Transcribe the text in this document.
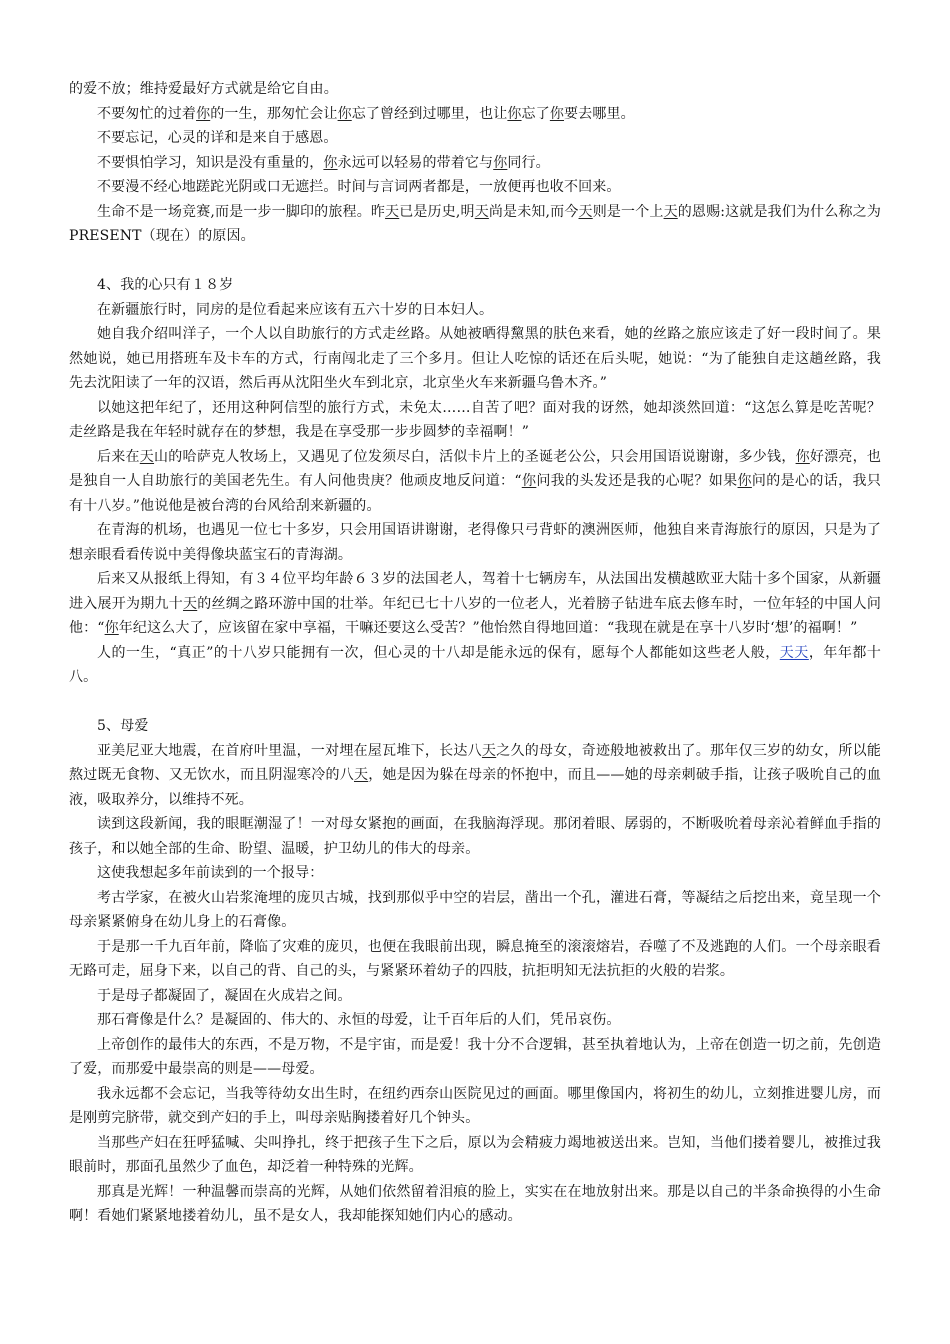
的爱不放；维持爱最好方式就是给它自由。

不要匆忙的过着你的一生，那匆忙会让你忘了曾经到过哪里，也让你忘了你要去哪里。

不要忘记，心灵的详和是来自于感恩。

不要惧怕学习，知识是没有重量的，你永远可以轻易的带着它与你同行。

不要漫不经心地蹉跎光阴或口无遮拦。时间与言词两者都是，一放便再也收不回来。

生命不是一场竞赛,而是一步一脚印的旅程。昨天已是历史,明天尚是未知,而今天则是一个上天的恩赐:这就是我们为什么称之为PRESENT（现在）的原因。

4、我的心只有１８岁

在新疆旅行时，同房的是位看起来应该有五六十岁的日本妇人。

她自我介绍叫洋子，一个人以自助旅行的方式走丝路。从她被晒得黧黑的肤色来看，她的丝路之旅应该走了好一段时间了。果然她说，她已用搭班车及卡车的方式，行南闯北走了三个多月。但让人吃惊的话还在后头呢，她说：“为了能独自走这趟丝路，我先去沈阳读了一年的汉语，然后再从沈阳坐火车到北京，北京坐火车来新疆乌鲁木齐。”

以她这把年纪了，还用这种阿信型的旅行方式，未免太……自苦了吧？面对我的讶然，她却淡然回道：“这怎么算是吃苦呢？走丝路是我在年轻时就存在的梦想，我是在享受那一步步圆梦的幸福啊！”

后来在天山的哈萨克人牧场上，又遇见了位发须尽白，活似卡片上的圣诞老公公，只会用国语说谢谢，多少钱，你好漂亮，也是独自一人自助旅行的美国老先生。有人问他贵庚？他顽皮地反问道：“你问我的头发还是我的心呢？如果你问的是心的话，我只有十八岁。”他说他是被台湾的台风给刮来新疆的。

在青海的机场，也遇见一位七十多岁，只会用国语讲谢谢，老得像只弓背虾的澳洲医师，他独自来青海旅行的原因，只是为了想亲眼看看传说中美得像块蓝宝石的青海湖。

后来又从报纸上得知，有３４位平均年龄６３岁的法国老人，驾着十七辆房车，从法国出发横越欧亚大陆十多个国家，从新疆进入展开为期九十天的丝绸之路环游中国的壮举。年纪已七十八岁的一位老人，光着膀子钻进车底去修车时，一位年轻的中国人问他：“你年纪这么大了，应该留在家中享福，干嘛还要这么受苦？”他怡然自得地回道：“我现在就是在享十八岁时‘想’的福啊！”

人的一生，“真正”的十八岁只能拥有一次，但心灵的十八却是能永远的保有，愿每个人都能如这些老人般，天天，年年都十八。

5、母爱

亚美尼亚大地震，在首府叶里温，一对埋在屋瓦堆下，长达八天之久的母女，奇迹般地被救出了。那年仅三岁的幼女，所以能熬过既无食物、又无饮水，而且阴湿寒冷的八天，她是因为躲在母亲的怀抱中，而且——她的母亲刺破手指，让孩子吸吮自己的血液，吸取养分，以维持不死。

读到这段新闻，我的眼眶潮湿了！一对母女紧抱的画面，在我脑海浮现。那闭着眼、孱弱的，不断吸吮着母亲沁着鲜血手指的孩子，和以她全部的生命、盼望、温暖，护卫幼儿的伟大的母亲。

这使我想起多年前读到的一个报导：

考古学家，在被火山岩浆淹埋的庞贝古城，找到那似乎中空的岩层，凿出一个孔，灌进石膏，等凝结之后挖出来，竟呈现一个母亲紧紧俯身在幼儿身上的石膏像。

于是那一千九百年前，降临了灾难的庞贝，也便在我眼前出现，瞬息掩至的滚滚熔岩，吞噬了不及逃跑的人们。一个母亲眼看无路可走，屈身下来，以自己的背、自己的头，与紧紧环着幼子的四肢，抗拒明知无法抗拒的火般的岩浆。

于是母子都凝固了，凝固在火成岩之间。

那石膏像是什么？是凝固的、伟大的、永恒的母爱，让千百年后的人们，凭吊哀伤。

上帝创作的最伟大的东西，不是万物，不是宇宙，而是爱！我十分不合逻辑，甚至执着地认为，上帝在创造一切之前，先创造了爱，而那爱中最崇高的则是——母爱。

我永远都不会忘记，当我等待幼女出生时，在纽约西奈山医院见过的画面。哪里像国内，将初生的幼儿，立刻推进婴儿房，而是刚剪完脐带，就交到产妇的手上，叫母亲贴胸搂着好几个钟头。

当那些产妇在狂呼猛喊、尖叫挣扎，终于把孩子生下之后，原以为会精疲力竭地被送出来。岂知，当他们搂着婴儿，被推过我眼前时，那面孔虽然少了血色，却泛着一种特殊的光辉。

那真是光辉！一种温馨而崇高的光辉，从她们依然留着泪痕的脸上，实实在在地放射出来。那是以自己的半条命换得的小生命啊！看她们紧紧地搂着幼儿，虽不是女人，我却能探知她们内心的感动。
